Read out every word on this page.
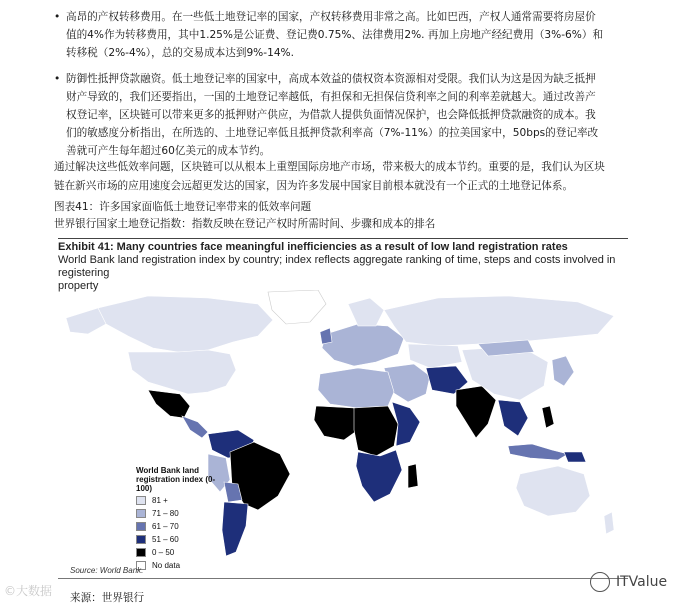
• 高昂的产权转移费用。在一些低土地登记率的国家，产权转移费用非常之高。比如巴西，产权人通常需要将房屋价
值的4%作为转移费用，其中1.25%是公证费、登记费0.75%、法律费用2%. 再加上房地产经纪费用（3%-6%）和
转移税（2%-4%），总的交易成本达到9%-14%.
• 防御性抵押贷款融资。低土地登记率的国家中，高成本效益的债权资本资源相对受限。我们认为这是因为缺乏抵押
财产导致的，我们还要指出，一国的土地登记率越低，有担保和无担保信贷利率之间的利率差就越大。通过改善产
权登记率，区块链可以带来更多的抵押财产供应，为借款人提供负面情况保护，也会降低抵押贷款融资的成本。我
们的敏感度分析指出，在所选的、土地登记率低且抵押贷款利率高（7%-11%）的拉美国家中，50bps的登记率改
善就可产生每年超过60亿美元的成本节约。
通过解决这些低效率问题，区块链可以从根本上重塑国际房地产市场，带来极大的成本节约。重要的是，我们认为区块
链在新兴市场的应用速度会远超更发达的国家，因为许多发展中国家目前根本就没有一个正式的土地登记体系。
图表41：许多国家面临低土地登记率带来的低效率问题
世界银行国家土地登记指数：指数反映在登记产权时所需时间、步骤和成本的排名
Exhibit 41: Many countries face meaningful inefficiencies as a result of low land registration rates
World Bank land registration index by country; index reflects aggregate ranking of time, steps and costs involved in registering
property
World Bank land registration index (0-100)
81 +
71 – 80
61 – 70
51 – 60
0 – 50
No data
Source: World Bank.
来源：世界银行
©大数据
ITValue
